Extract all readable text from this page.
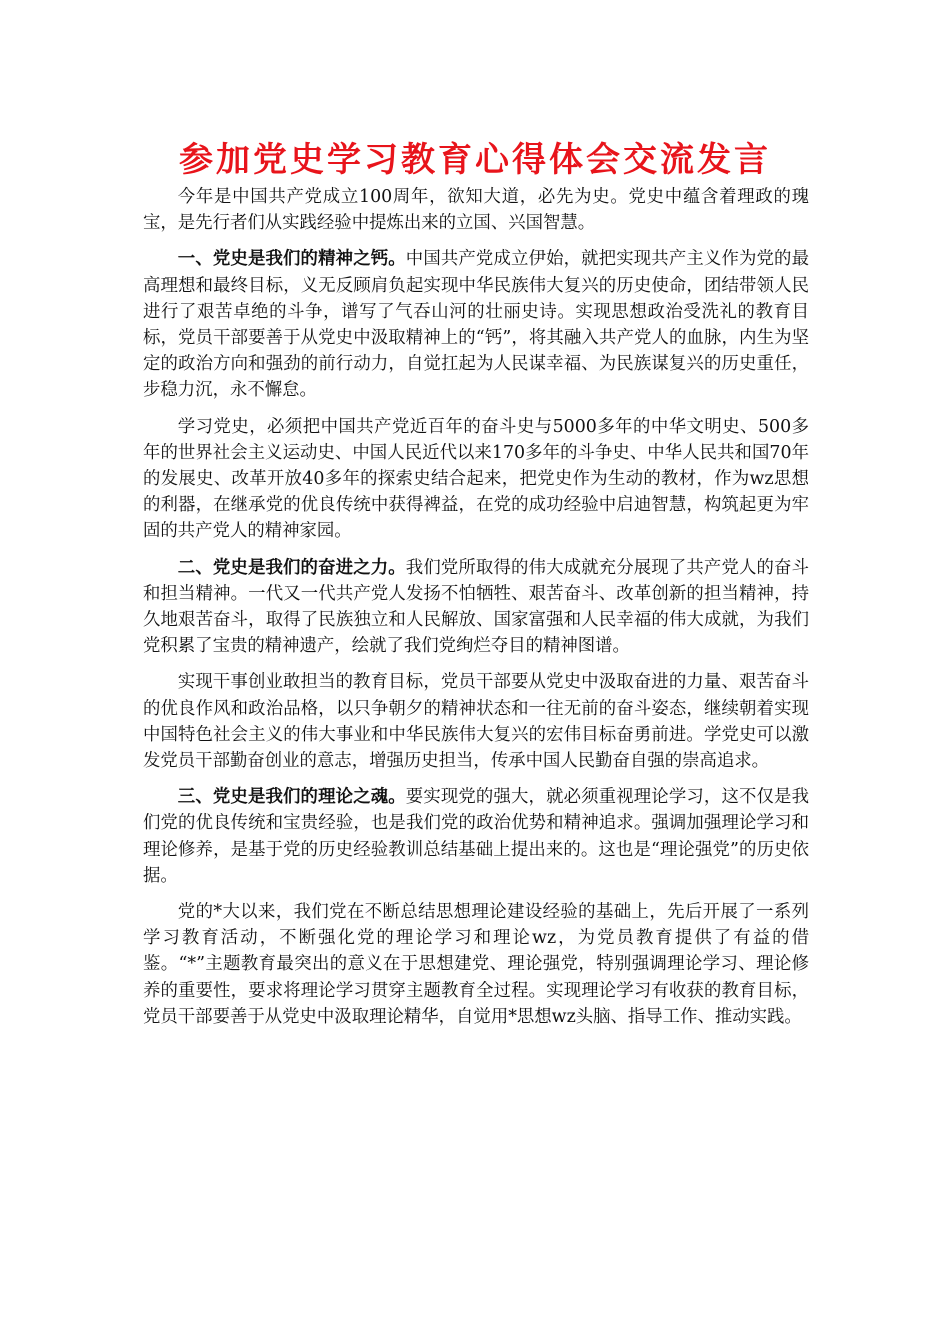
参加党史学习教育心得体会交流发言

今年是中国共产党成立100周年，欲知大道，必先为史。党史中蕴含着理政的瑰宝，是先行者们从实践经验中提炼出来的立国、兴国智慧。

一、党史是我们的精神之钙。中国共产党成立伊始，就把实现共产主义作为党的最高理想和最终目标，义无反顾肩负起实现中华民族伟大复兴的历史使命，团结带领人民进行了艰苦卓绝的斗争，谱写了气吞山河的壮丽史诗。实现思想政治受洗礼的教育目标，党员干部要善于从党史中汲取精神上的“钙”，将其融入共产党人的血脉，内生为坚定的政治方向和强劲的前行动力，自觉扛起为人民谋幸福、为民族谋复兴的历史重任，步稳力沉，永不懈怠。

学习党史，必须把中国共产党近百年的奋斗史与5000多年的中华文明史、500多年的世界社会主义运动史、中国人民近代以来170多年的斗争史、中华人民共和国70年的发展史、改革开放40多年的探索史结合起来，把党史作为生动的教材，作为wz思想的利器，在继承党的优良传统中获得裨益，在党的成功经验中启迪智慧，构筑起更为牢固的共产党人的精神家园。

二、党史是我们的奋进之力。我们党所取得的伟大成就充分展现了共产党人的奋斗和担当精神。一代又一代共产党人发扬不怕牺牲、艰苦奋斗、改革创新的担当精神，持久地艰苦奋斗，取得了民族独立和人民解放、国家富强和人民幸福的伟大成就，为我们党积累了宝贵的精神遗产，绘就了我们党绚烂夺目的精神图谱。

实现干事创业敢担当的教育目标，党员干部要从党史中汲取奋进的力量、艰苦奋斗的优良作风和政治品格，以只争朝夕的精神状态和一往无前的奋斗姿态，继续朝着实现中国特色社会主义的伟大事业和中华民族伟大复兴的宏伟目标奋勇前进。学党史可以激发党员干部勤奋创业的意志，增强历史担当，传承中国人民勤奋自强的崇高追求。

三、党史是我们的理论之魂。要实现党的强大，就必须重视理论学习，这不仅是我们党的优良传统和宝贵经验，也是我们党的政治优势和精神追求。强调加强理论学习和理论修养，是基于党的历史经验教训总结基础上提出来的。这也是“理论强党”的历史依据。

党的*大以来，我们党在不断总结思想理论建设经验的基础上，先后开展了一系列学习教育活动，不断强化党的理论学习和理论wz，为党员教育提供了有益的借鉴。“*”主题教育最突出的意义在于思想建党、理论强党，特别强调理论学习、理论修养的重要性，要求将理论学习贯穿主题教育全过程。实现理论学习有收获的教育目标，党员干部要善于从党史中汲取理论精华，自觉用*思想wz头脑、指导工作、推动实践。
